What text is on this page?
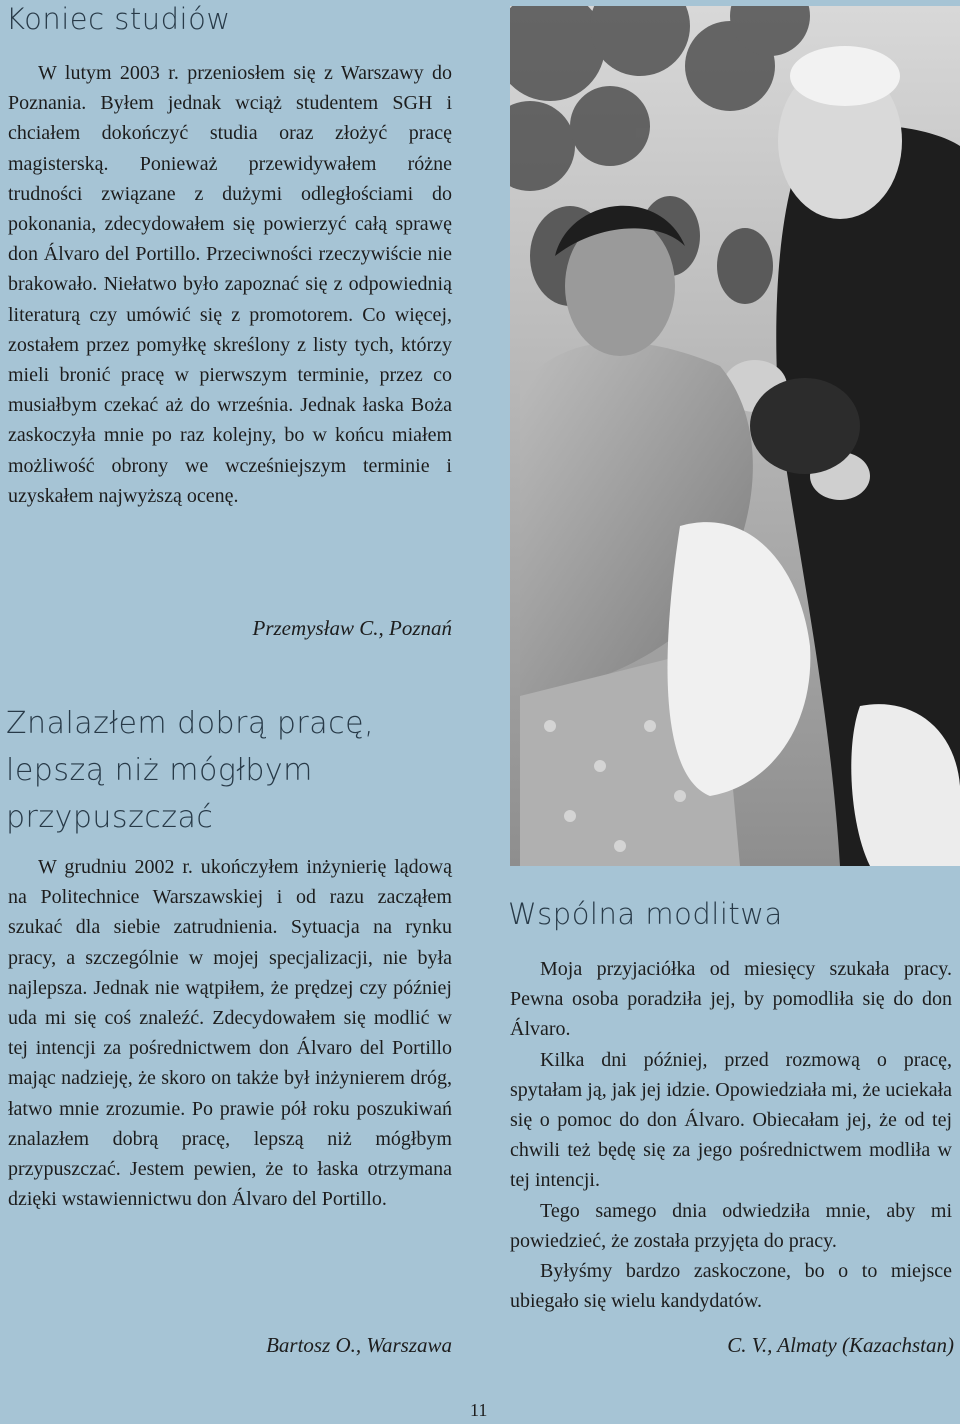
Koniec studiów

W lutym 2003 r. przeniosłem się z Warszawy do Poznania. Byłem jednak wciąż studentem SGH i chciałem dokończyć studia oraz złożyć pracę magisterską. Ponieważ przewidywałem różne trudności związane z dużymi odległościami do pokonania, zdecydowałem się powierzyć całą sprawę don Álvaro del Portillo. Przeciwności rzeczywiście nie brakowało. Niełatwo było zapoznać się z odpowiednią literaturą czy umówić się z promotorem. Co więcej, zostałem przez pomyłkę skreślony z listy tych, którzy mieli bronić pracę w pierwszym terminie, przez co musiałbym czekać aż do września. Jednak łaska Boża zaskoczyła mnie po raz kolejny, bo w końcu miałem możliwość obrony we wcześniejszym terminie i uzyskałem najwyższą ocenę.

Przemysław C., Poznań
Znalazłem dobrą pracę,
lepszą niż mógłbym
przypuszczać

W grudniu 2002 r. ukończyłem inżynierię lądową na Politechnice Warszawskiej i od razu zacząłem szukać dla siebie zatrudnienia. Sytuacja na rynku pracy, a szczególnie w mojej specjalizacji, nie była najlepsza. Jednak nie wątpiłem, że prędzej czy później uda mi się coś znaleźć. Zdecydowałem się modlić w tej intencji za pośrednictwem don Álvaro del Portillo mając nadzieję, że skoro on także był inżynierem dróg, łatwo mnie zrozumie. Po prawie pół roku poszukiwań znalazłem dobrą pracę, lepszą niż mógłbym przypuszczać. Jestem pewien, że to łaska otrzymana dzięki wstawiennictwu don Álvaro del Portillo.

Bartosz O., Warszawa
Wspólna modlitwa

Moja przyjaciółka od miesięcy szukała pracy. Pewna osoba poradziła jej, by pomodliła się do don Álvaro.

Kilka dni później, przed rozmową o pracę, spytałam ją, jak jej idzie. Opowiedziała mi, że uciekała się o pomoc do don Álvaro. Obiecałam jej, że od tej chwili też będę się za jego pośrednictwem modliła w tej intencji.

Tego samego dnia odwiedziła mnie, aby mi powiedzieć, że została przyjęta do pracy.

Byłyśmy bardzo zaskoczone, bo o to miejsce ubiegało się wielu kandydatów.

C. V., Almaty (Kazachstan)
11
